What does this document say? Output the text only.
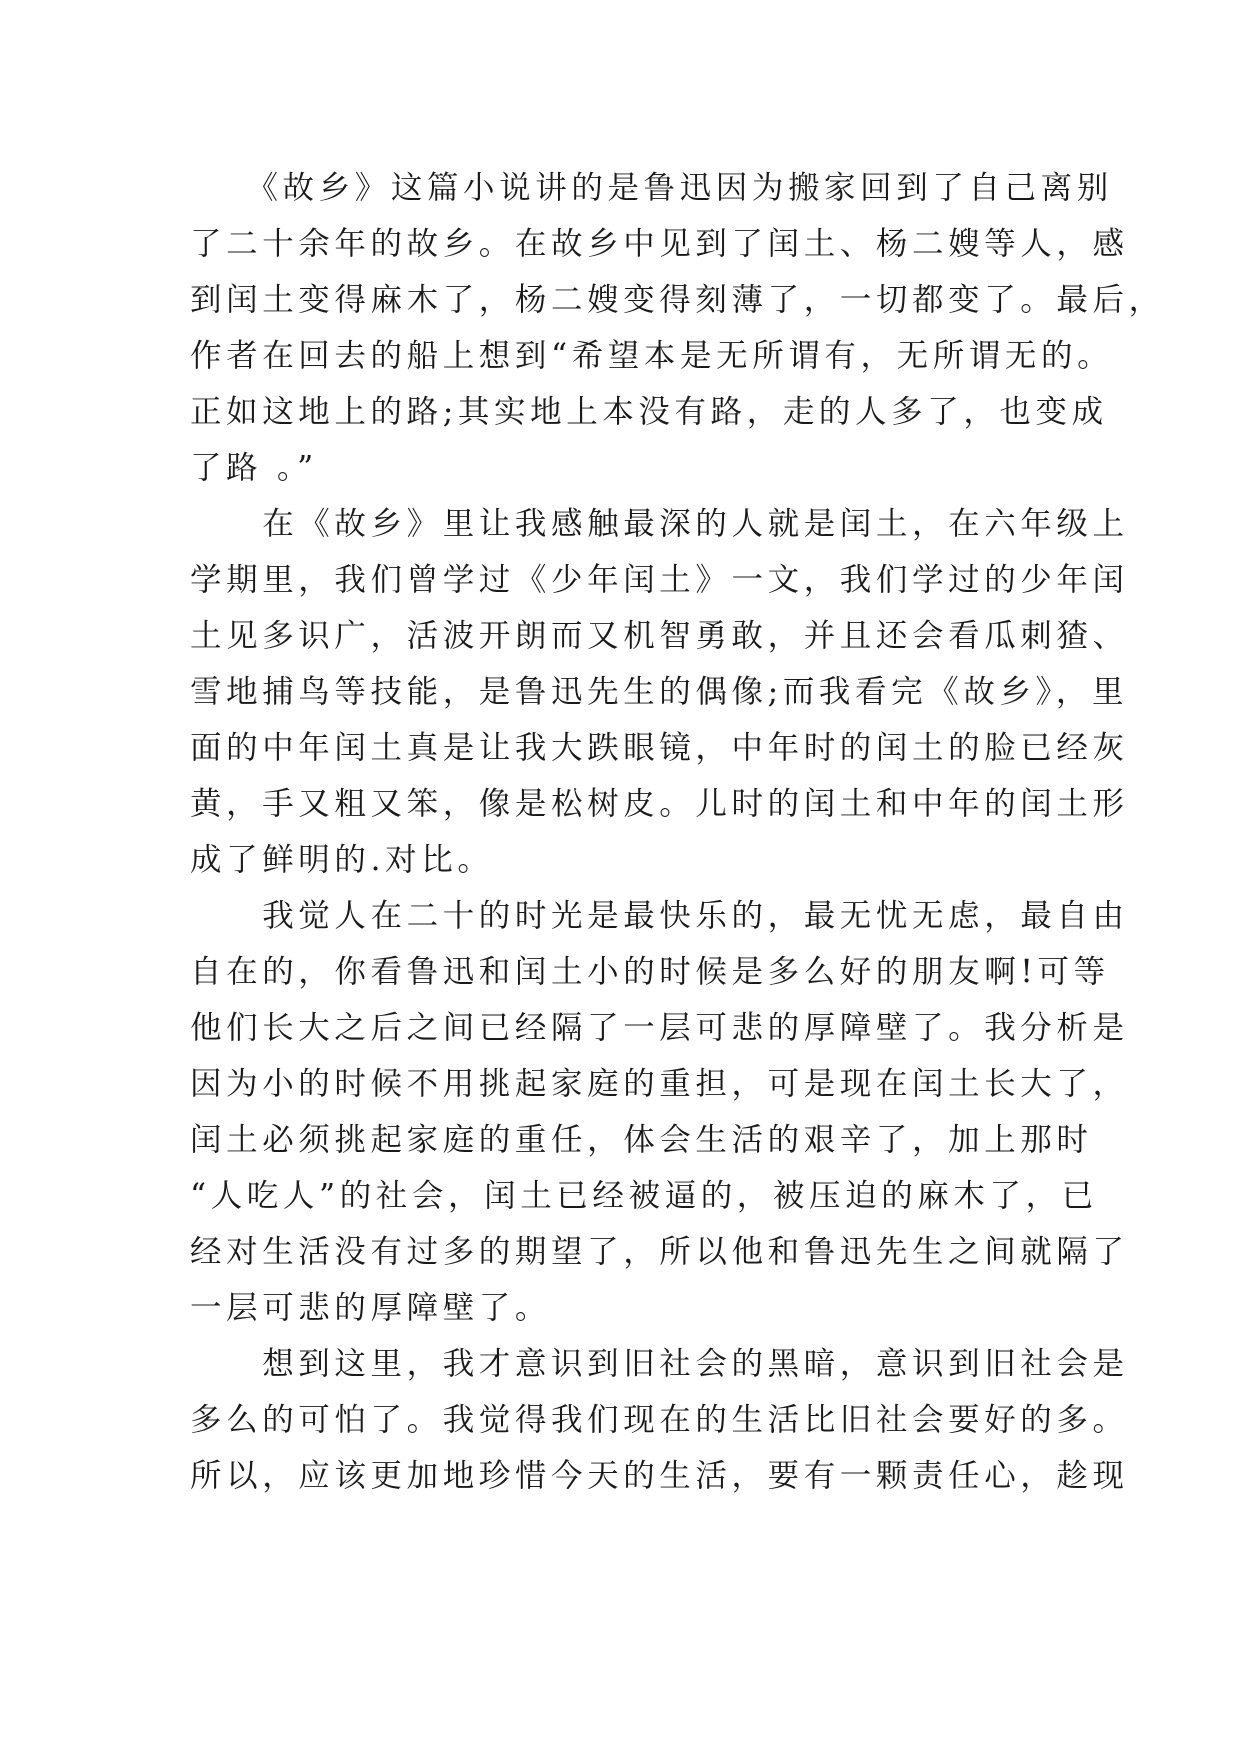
　　《故乡》这篇小说讲的是鲁迅因为搬家回到了自己离别
了二十余年的故乡。在故乡中见到了闰土、杨二嫂等人，感
到闰土变得麻木了，杨二嫂变得刻薄了，一切都变了。最后，
作者在回去的船上想到“希望本是无所谓有，无所谓无的。
正如这地上的路;其实地上本没有路，走的人多了，也变成
了路 。”
　　在《故乡》里让我感触最深的人就是闰土，在六年级上
学期里，我们曾学过《少年闰土》一文，我们学过的少年闰
土见多识广，活波开朗而又机智勇敢，并且还会看瓜刺猹、
雪地捕鸟等技能，是鲁迅先生的偶像;而我看完《故乡》，里
面的中年闰土真是让我大跌眼镜，中年时的闰土的脸已经灰
黄，手又粗又笨，像是松树皮。儿时的闰土和中年的闰土形
成了鲜明的.对比。
　　我觉人在二十的时光是最快乐的，最无忧无虑，最自由
自在的，你看鲁迅和闰土小的时候是多么好的朋友啊!可等
他们长大之后之间已经隔了一层可悲的厚障壁了。我分析是
因为小的时候不用挑起家庭的重担，可是现在闰土长大了，
闰土必须挑起家庭的重任，体会生活的艰辛了，加上那时
“人吃人”的社会，闰土已经被逼的，被压迫的麻木了，已
经对生活没有过多的期望了，所以他和鲁迅先生之间就隔了
一层可悲的厚障壁了。
　　想到这里，我才意识到旧社会的黑暗，意识到旧社会是
多么的可怕了。我觉得我们现在的生活比旧社会要好的多。
所以，应该更加地珍惜今天的生活，要有一颗责任心，趁现
